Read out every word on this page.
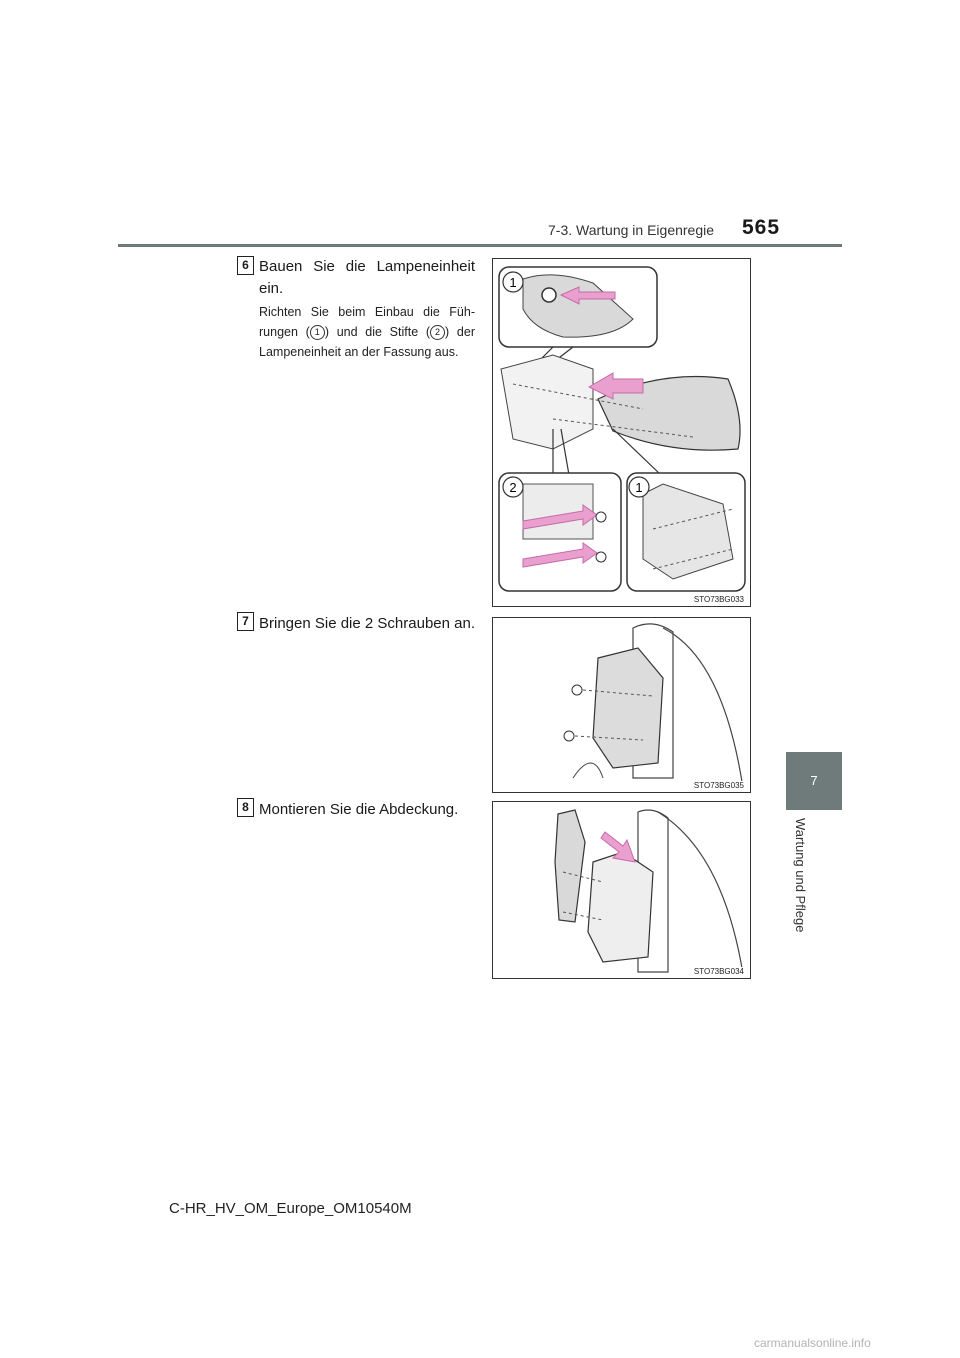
7-3. Wartung in Eigenregie 565
7
Wartung und Pflege
6 Bauen Sie die Lampeneinheit ein.
Richten Sie beim Einbau die Füh-rungen ( 1 ) und die Stifte ( 2 ) der Lampeneinheit an der Fassung aus.
1
2	1
STO73BG033
7 Bringen Sie die 2 Schrauben an.
STO73BG035
8 Montieren Sie die Abdeckung.
STO73BG034
C-HR_HV_OM_Europe_OM10540M
carmanualsonline.info
